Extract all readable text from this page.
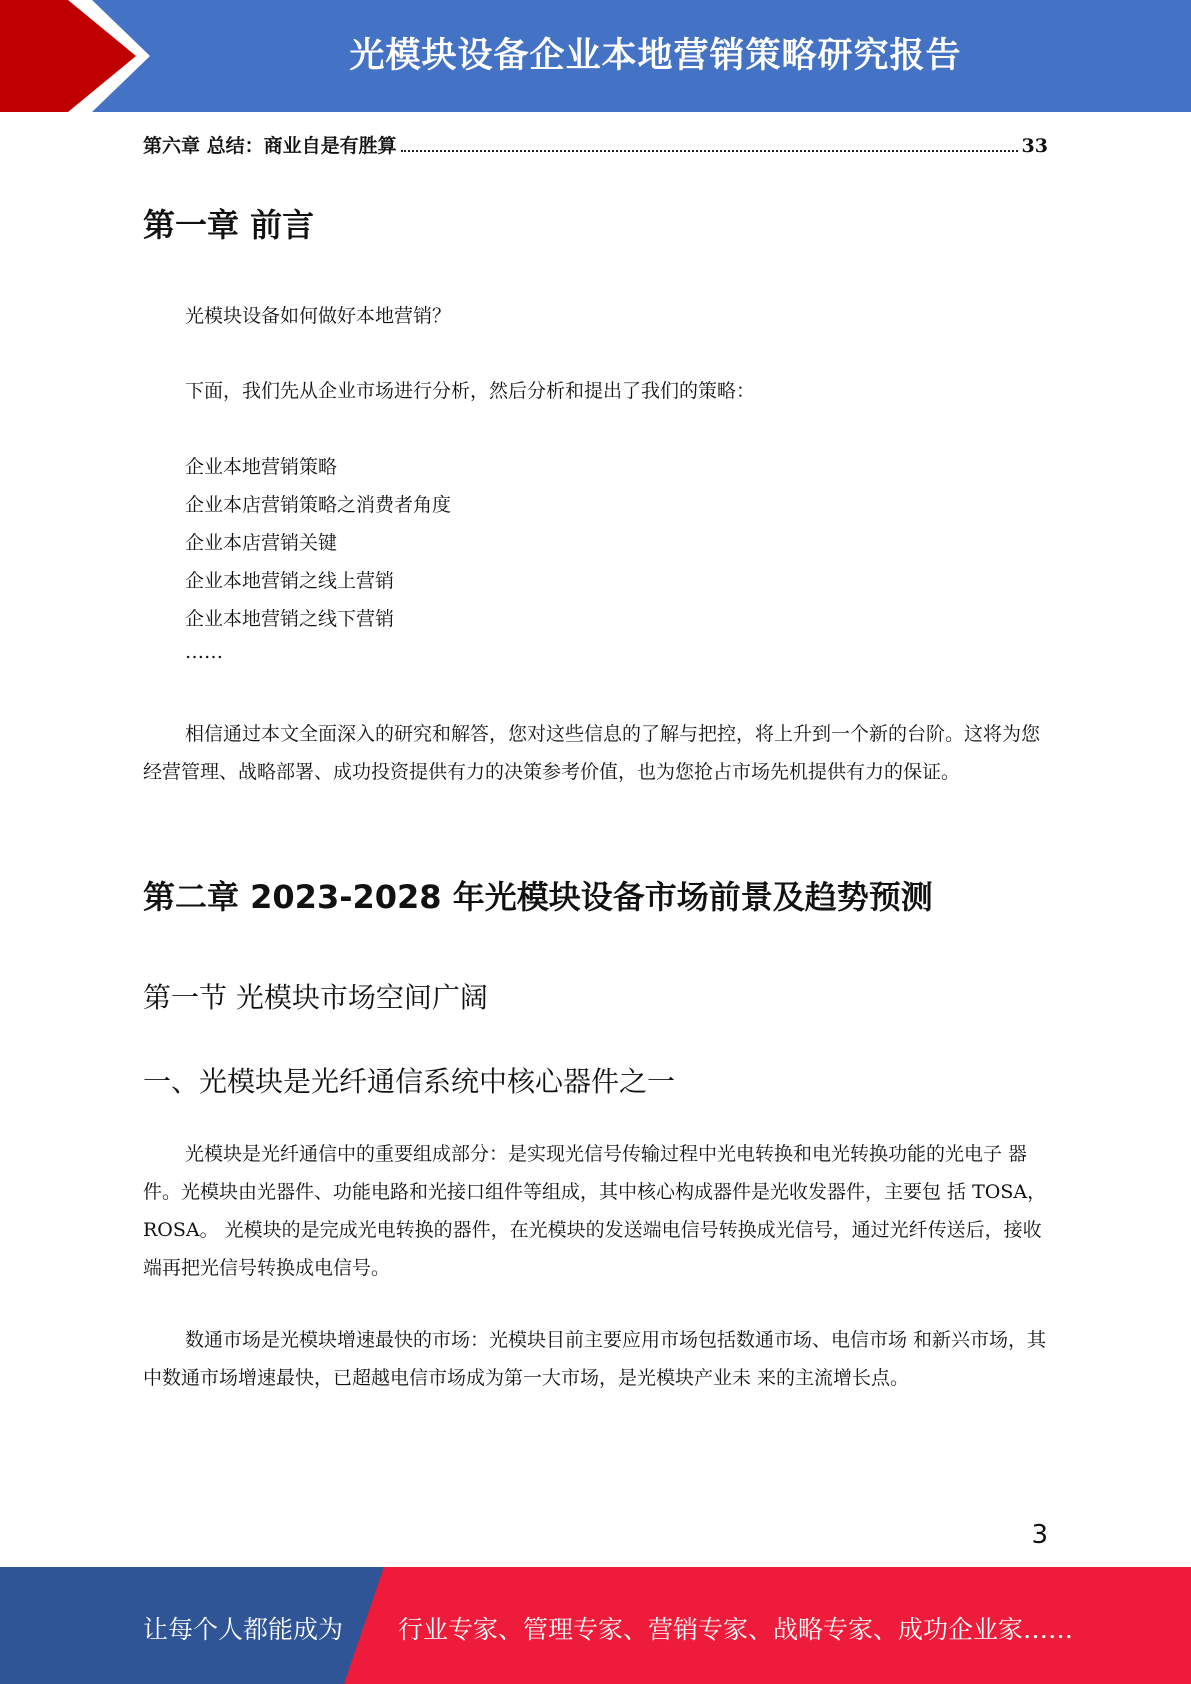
光模块设备企业本地营销策略研究报告
第六章 总结：商业自是有胜算	33
第一章 前言

光模块设备如何做好本地营销？

下面，我们先从企业市场进行分析，然后分析和提出了我们的策略：

企业本地营销策略
企业本店营销策略之消费者角度
企业本店营销关键
企业本地营销之线上营销
企业本地营销之线下营销
……

相信通过本文全面深入的研究和解答，您对这些信息的了解与把控，将上升到一个新的台阶。这将为您经营管理、战略部署、成功投资提供有力的决策参考价值，也为您抢占市场先机提供有力的保证。

第二章 2023-2028 年光模块设备市场前景及趋势预测
第一节 光模块市场空间广阔
一、光模块是光纤通信系统中核心器件之一

光模块是光纤通信中的重要组成部分：是实现光信号传输过程中光电转换和电光转换功能的光电子 器件。光模块由光器件、功能电路和光接口组件等组成，其中核心构成器件是光收发器件，主要包 括 TOSA，ROSA。 光模块的是完成光电转换的器件，在光模块的发送端电信号转换成光信号，通过光纤传送后，接收 端再把光信号转换成电信号。

数通市场是光模块增速最快的市场：光模块目前主要应用市场包括数通市场、电信市场 和新兴市场，其中数通市场增速最快，已超越电信市场成为第一大市场，是光模块产业未 来的主流增长点。

3
让每个人都能成为 行业专家、管理专家、营销专家、战略专家、成功企业家……
